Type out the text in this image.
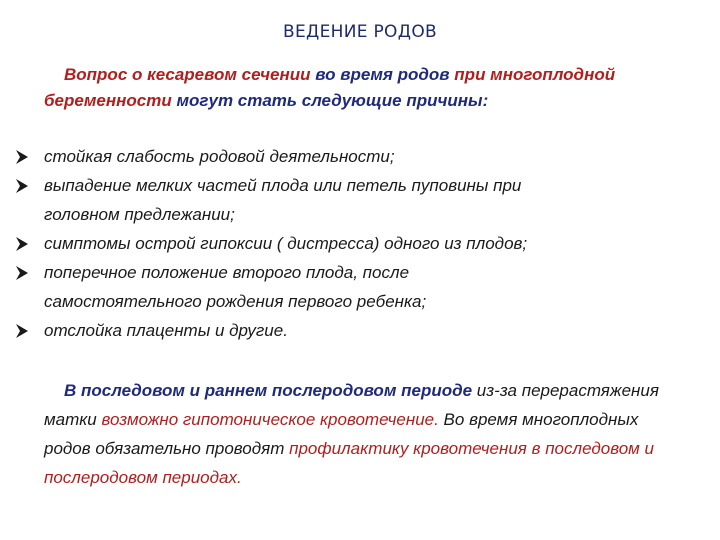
ВЕДЕНИЕ РОДОВ
Вопрос о кесаревом сечении во время родов при многоплодной беременности могут стать следующие причины:
стойкая слабость родовой деятельности;
выпадение мелких частей плода или петель пуповины при
головном предлежании;
симптомы острой гипоксии ( дистресса) одного из плодов;
поперечное положение второго плода, после
самостоятельного рождения первого ребенка;
отслойка плаценты и другие.
В последовом и раннем послеродовом периоде из-за перерастяжения матки возможно гипотоническое кровотечение. Во время многоплодных родов обязательно проводят профилактику кровотечения в последовом и послеродовом периодах.
